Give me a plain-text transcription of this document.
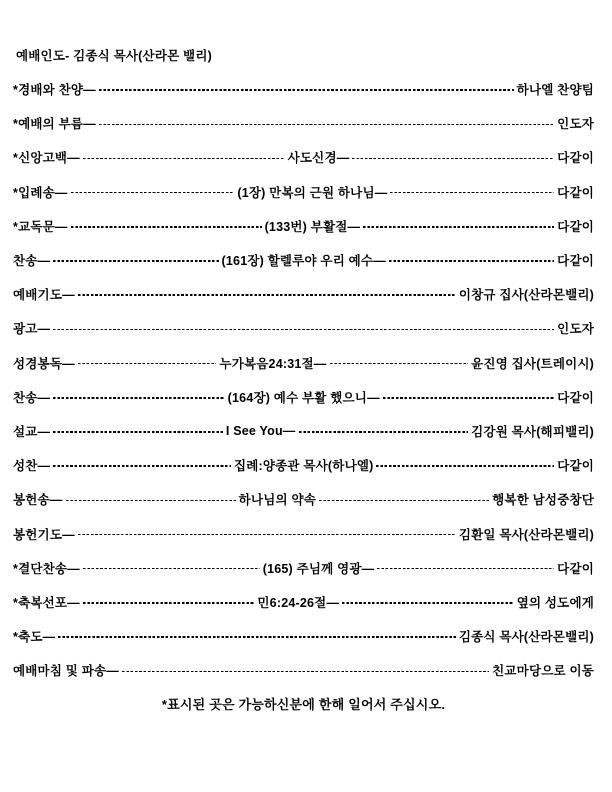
예배인도- 김종식 목사(산라몬 밸리)
*경배와 찬양—	하나엘 찬양팀
*예배의 부름—	인도자
*신앙고백—	사도신경—	다같이
*입례송—	(1장) 만복의 근원 하나님—	다같이
*교독문—	(133번) 부활절—	다같이
찬송—	(161장) 할렐루야 우리 예수—	다같이
예배기도—	이창규 집사(산라몬밸리)
광고—	인도자
성경봉독—	누가복음24:31절—	윤진영 집사(트레이시)
찬송—	(164장) 예수 부활 했으니—	다같이
설교—	I See You—	김강원 목사(해피밸리)
성찬—	집례:양종관 목사(하나엘)	다같이
봉헌송—	하나님의 약속	행복한 남성중창단
봉헌기도—	김환일 목사(산라몬밸리)
*결단찬송—	(165) 주님께 영광—	다같이
*축복선포—	민6:24-26절—	옆의 성도에게
*축도—	김종식 목사(산라몬밸리)
예배마침 및 파송—	친교마당으로 이동
*표시된 곳은 가능하신분에 한해 일어서 주십시오.
